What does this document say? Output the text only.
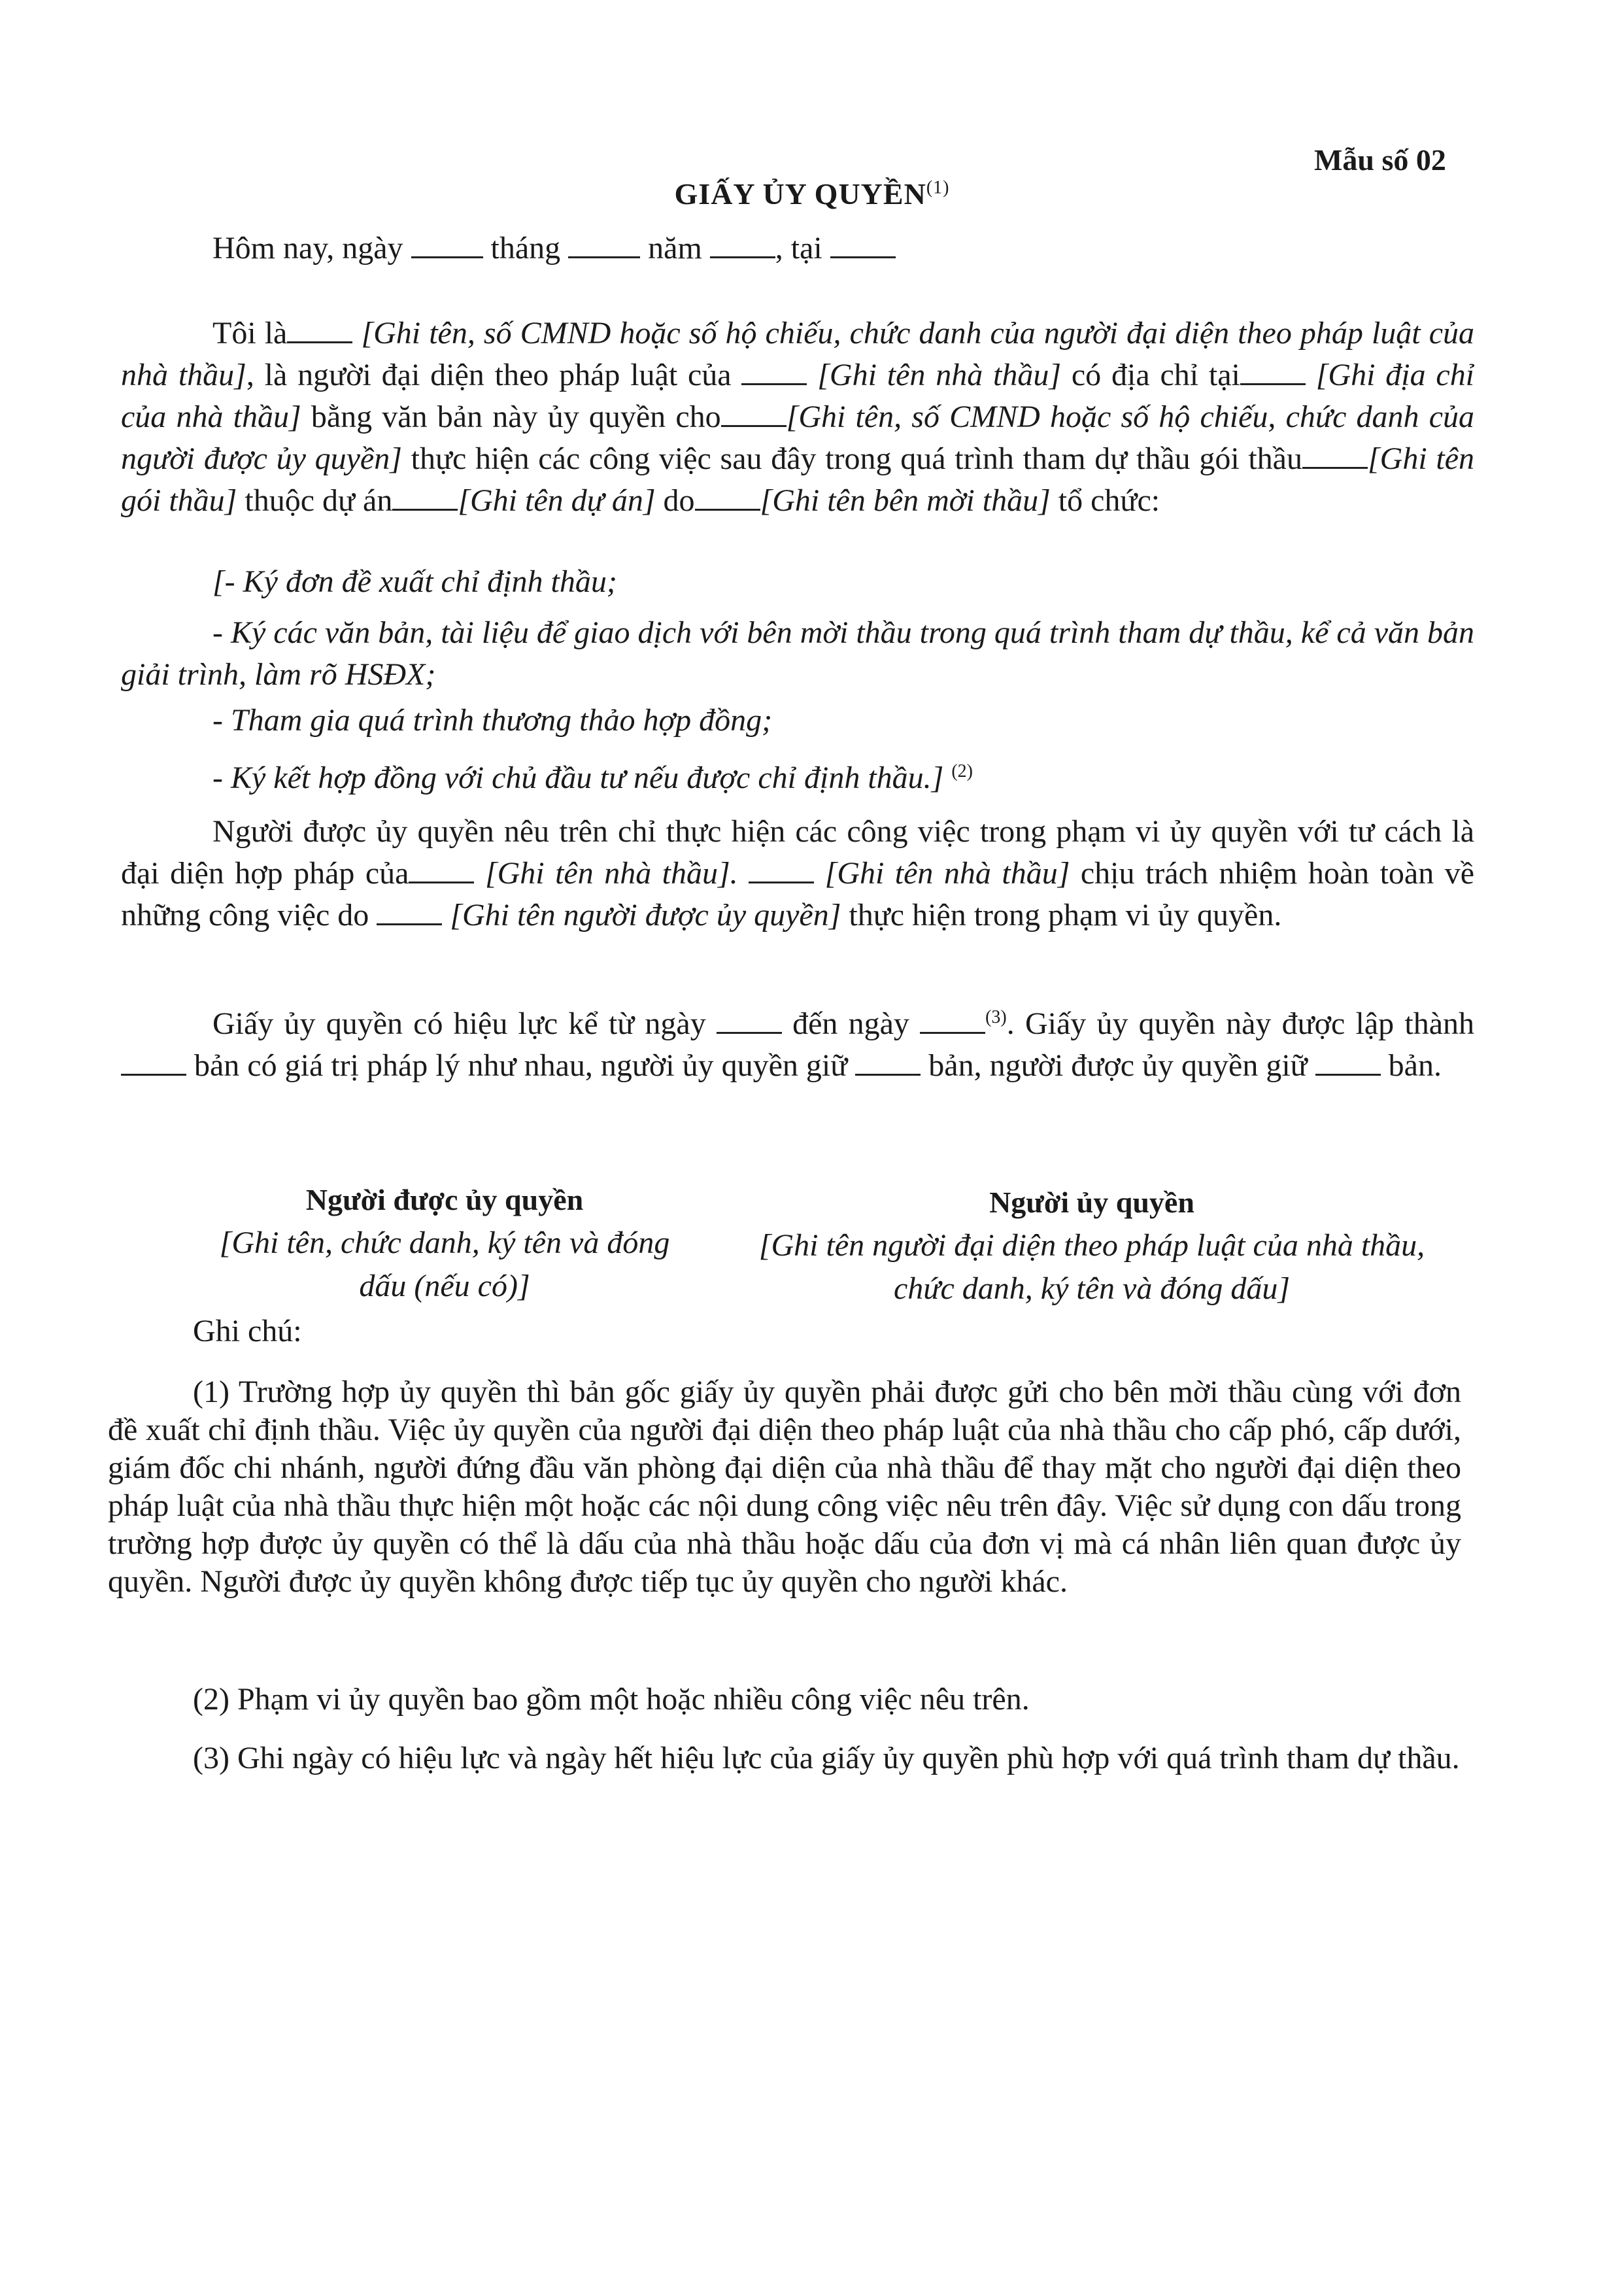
Mẫu số 02
GIẤY ỦY QUYỀN$^{(1)}$
Hôm nay, ngày	tháng	năm , tại
Tôi là [Ghi tên, số CMND hoặc số hộ chiếu, chức danh của người đại diện theo pháp luật của nhà thầu], là người đại diện theo pháp luật của  [Ghi tên nhà thầu] có địa chỉ tại [Ghi địa chỉ của nhà thầu] bằng văn bản này ủy quyền cho [Ghi tên, số CMND hoặc số hộ chiếu, chức danh của người được ủy quyền] thực hiện các công việc sau đây trong quá trình tham dự thầu gói thầu [Ghi tên gói thầu] thuộc dự án [Ghi tên dự án] do [Ghi tên bên mời thầu] tổ chức:
[- Ký đơn đề xuất chỉ định thầu;
- Ký các văn bản, tài liệu để giao dịch với bên mời thầu trong quá trình tham dự thầu, kể cả văn bản giải trình, làm rõ HSĐX;
- Tham gia quá trình thương thảo hợp đồng;
- Ký kết hợp đồng với chủ đầu tư nếu được chỉ định thầu.] $^{(2)}$
Người được ủy quyền nêu trên chỉ thực hiện các công việc trong phạm vi ủy quyền với tư cách là đại diện hợp pháp của [Ghi tên nhà thầu].  [Ghi tên nhà thầu] chịu trách nhiệm hoàn toàn về những công việc do  [Ghi tên người được ủy quyền] thực hiện trong phạm vi ủy quyền.
Giấy ủy quyền có hiệu lực kể từ ngày  đến ngày	$^{(3)}$. Giấy ủy quyền này được lập thành  bản có giá trị pháp lý như nhau, người ủy quyền giữ  bản, người được ủy quyền giữ  bản.
Người được ủy quyền
[Ghi tên, chức danh, ký tên và đóng dấu (nếu có)]
Người ủy quyền
[Ghi tên người đại diện theo pháp luật của nhà thầu, chức danh, ký tên và đóng dấu]
Ghi chú:
(1) Trường hợp ủy quyền thì bản gốc giấy ủy quyền phải được gửi cho bên mời thầu cùng với đơn đề xuất chỉ định thầu. Việc ủy quyền của người đại diện theo pháp luật của nhà thầu cho cấp phó, cấp dưới, giám đốc chi nhánh, người đứng đầu văn phòng đại diện của nhà thầu để thay mặt cho người đại diện theo pháp luật của nhà thầu thực hiện một hoặc các nội dung công việc nêu trên đây. Việc sử dụng con dấu trong trường hợp được ủy quyền có thể là dấu của nhà thầu hoặc dấu của đơn vị mà cá nhân liên quan được ủy quyền. Người được ủy quyền không được tiếp tục ủy quyền cho người khác.
(2) Phạm vi ủy quyền bao gồm một hoặc nhiều công việc nêu trên.
(3) Ghi ngày có hiệu lực và ngày hết hiệu lực của giấy ủy quyền phù hợp với quá trình tham dự thầu.
